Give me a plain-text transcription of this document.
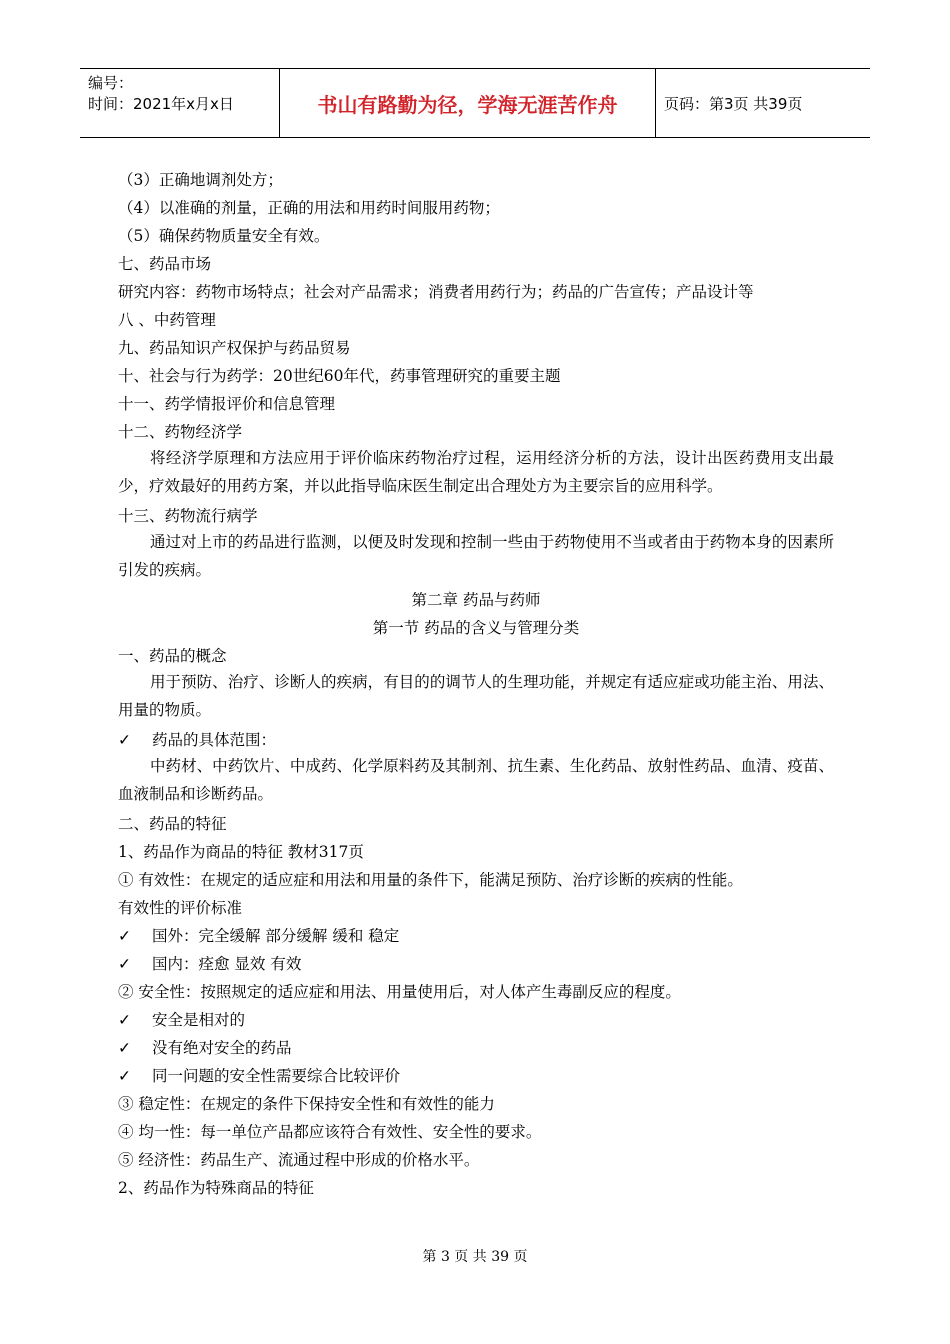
编号：
时间：2021年x月x日	书山有路勤为径，学海无涯苦作舟	页码：第3页 共39页
（3）正确地调剂处方；
（4）以准确的剂量，正确的用法和用药时间服用药物；
（5）确保药物质量安全有效。
七、药品市场
研究内容：药物市场特点；社会对产品需求；消费者用药行为；药品的广告宣传；产品设计等
八 、中药管理
九、药品知识产权保护与药品贸易
十、社会与行为药学：20世纪60年代，药事管理研究的重要主题
十一、药学情报评价和信息管理
十二、药物经济学
将经济学原理和方法应用于评价临床药物治疗过程，运用经济分析的方法，设计出医药费用支出最少，疗效最好的用药方案，并以此指导临床医生制定出合理处方为主要宗旨的应用科学。
十三、药物流行病学
通过对上市的药品进行监测，以便及时发现和控制一些由于药物使用不当或者由于药物本身的因素所引发的疾病。
第二章 药品与药师
第一节 药品的含义与管理分类
一、药品的概念
用于预防、治疗、诊断人的疾病，有目的的调节人的生理功能，并规定有适应症或功能主治、用法、用量的物质。
✓ 药品的具体范围：
中药材、中药饮片、中成药、化学原料药及其制剂、抗生素、生化药品、放射性药品、血清、疫苗、血液制品和诊断药品。
二、药品的特征
1、药品作为商品的特征 教材317页
① 有效性：在规定的适应症和用法和用量的条件下，能满足预防、治疗诊断的疾病的性能。
有效性的评价标准
✓ 国外：完全缓解 部分缓解 缓和 稳定
✓ 国内：痊愈 显效 有效
② 安全性：按照规定的适应症和用法、用量使用后，对人体产生毒副反应的程度。
✓ 安全是相对的
✓ 没有绝对安全的药品
✓ 同一问题的安全性需要综合比较评价
③ 稳定性：在规定的条件下保持安全性和有效性的能力
④ 均一性：每一单位产品都应该符合有效性、安全性的要求。
⑤ 经济性：药品生产、流通过程中形成的价格水平。
2、药品作为特殊商品的特征
第 3 页 共 39 页
